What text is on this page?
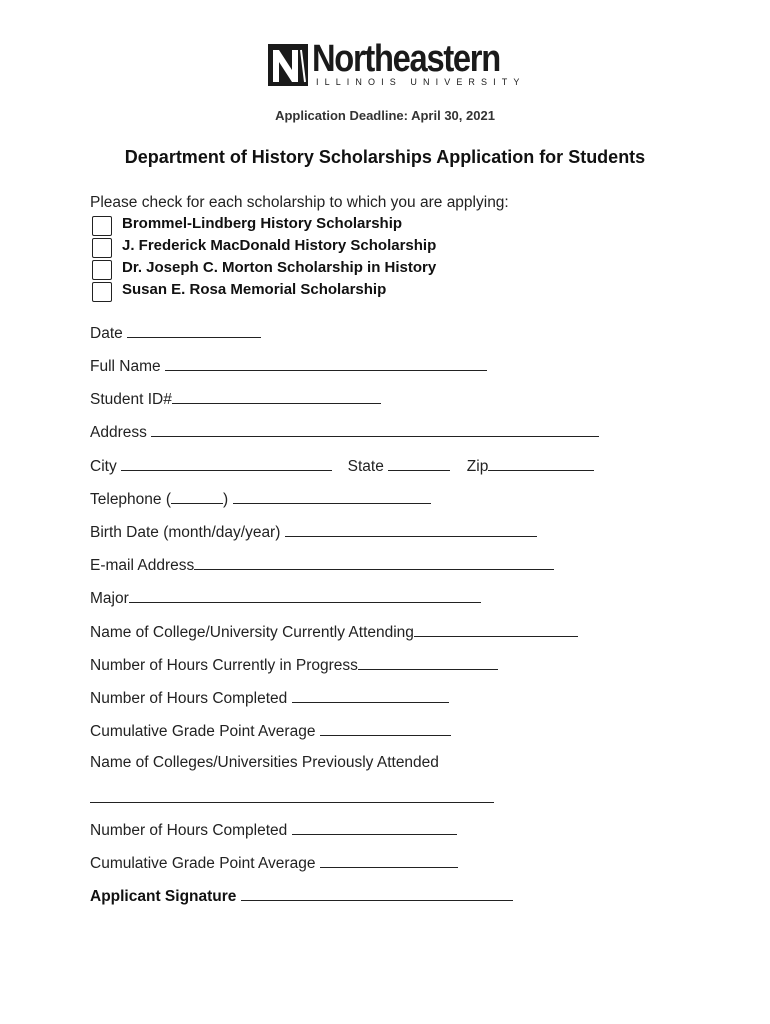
Northeastern
ILLINOIS UNIVERSITY
Application Deadline: April 30, 2021
Department of History Scholarships Application for Students
Please check for each scholarship to which you are applying:
Brommel-Lindberg History Scholarship
J. Frederick MacDonald History Scholarship
Dr. Joseph C. Morton Scholarship in History
Susan E. Rosa Memorial Scholarship
Date
Full Name
Student ID#
Address
City	State	Zip
Telephone (	)
Birth Date (month/day/year)
E-mail Address
Major
Name of College/University Currently Attending
Number of Hours Currently in Progress
Number of Hours Completed
Cumulative Grade Point Average
Name of Colleges/Universities Previously Attended
Number of Hours Completed
Cumulative Grade Point Average
Applicant Signature
